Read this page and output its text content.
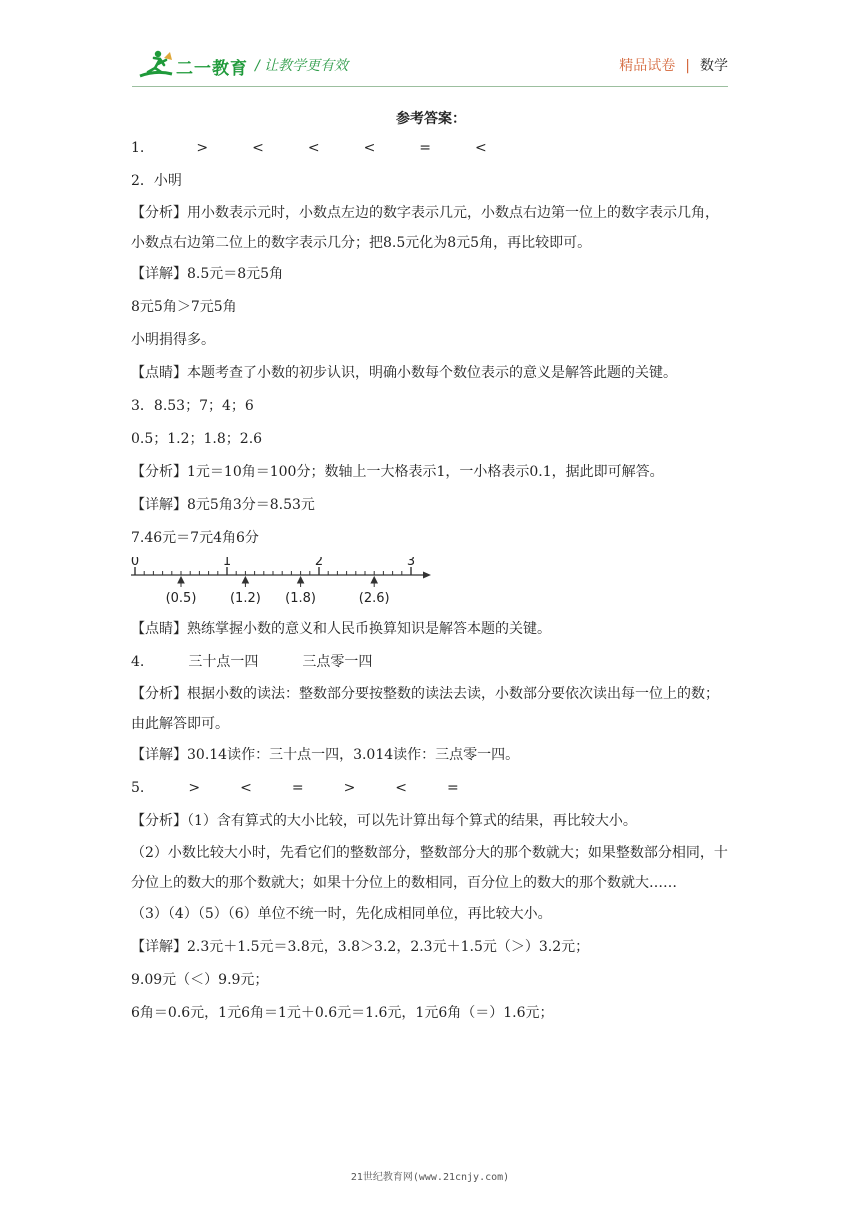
二一教育 / 让教学更有效	精品试卷 | 数学
参考答案：
1.	>	<	<	<	=	<
2．小明
【分析】用小数表示元时，小数点左边的数字表示几元，小数点右边第一位上的数字表示几角，小数点右边第二位上的数字表示几分；把8.5元化为8元5角，再比较即可。
【详解】8.5元＝8元5角
8元5角＞7元5角
小明捐得多。
【点睛】本题考查了小数的初步认识，明确小数每个数位表示的意义是解答此题的关键。
3．8.53；7；4；6
0.5；1.2；1.8；2.6
【分析】1元＝10角＝100分；数轴上一大格表示1，一小格表示0.1，据此即可解答。
【详解】8元5角3分＝8.53元
7.46元＝7元4角6分
0	1	2	3
(0.5)	(1.2) (1.8)	(2.6)
【点睛】熟练掌握小数的意义和人民币换算知识是解答本题的关键。
4.	三十点一四	三点零一四
【分析】根据小数的读法：整数部分要按整数的读法去读，小数部分要依次读出每一位上的数；由此解答即可。
【详解】30.14读作：三十点一四，3.014读作：三点零一四。
5.	>	<	=	>	<	=
【分析】（1）含有算式的大小比较，可以先计算出每个算式的结果，再比较大小。
（2）小数比较大小时，先看它们的整数部分，整数部分大的那个数就大；如果整数部分相同，十分位上的数大的那个数就大；如果十分位上的数相同，百分位上的数大的那个数就大……
（3）（4）（5）（6）单位不统一时，先化成相同单位，再比较大小。
【详解】2.3元＋1.5元＝3.8元，3.8＞3.2，2.3元＋1.5元（＞）3.2元；
9.09元（＜）9.9元；
6角＝0.6元，1元6角＝1元＋0.6元＝1.6元，1元6角（＝）1.6元；
21世纪教育网(www.21cnjy.com)
